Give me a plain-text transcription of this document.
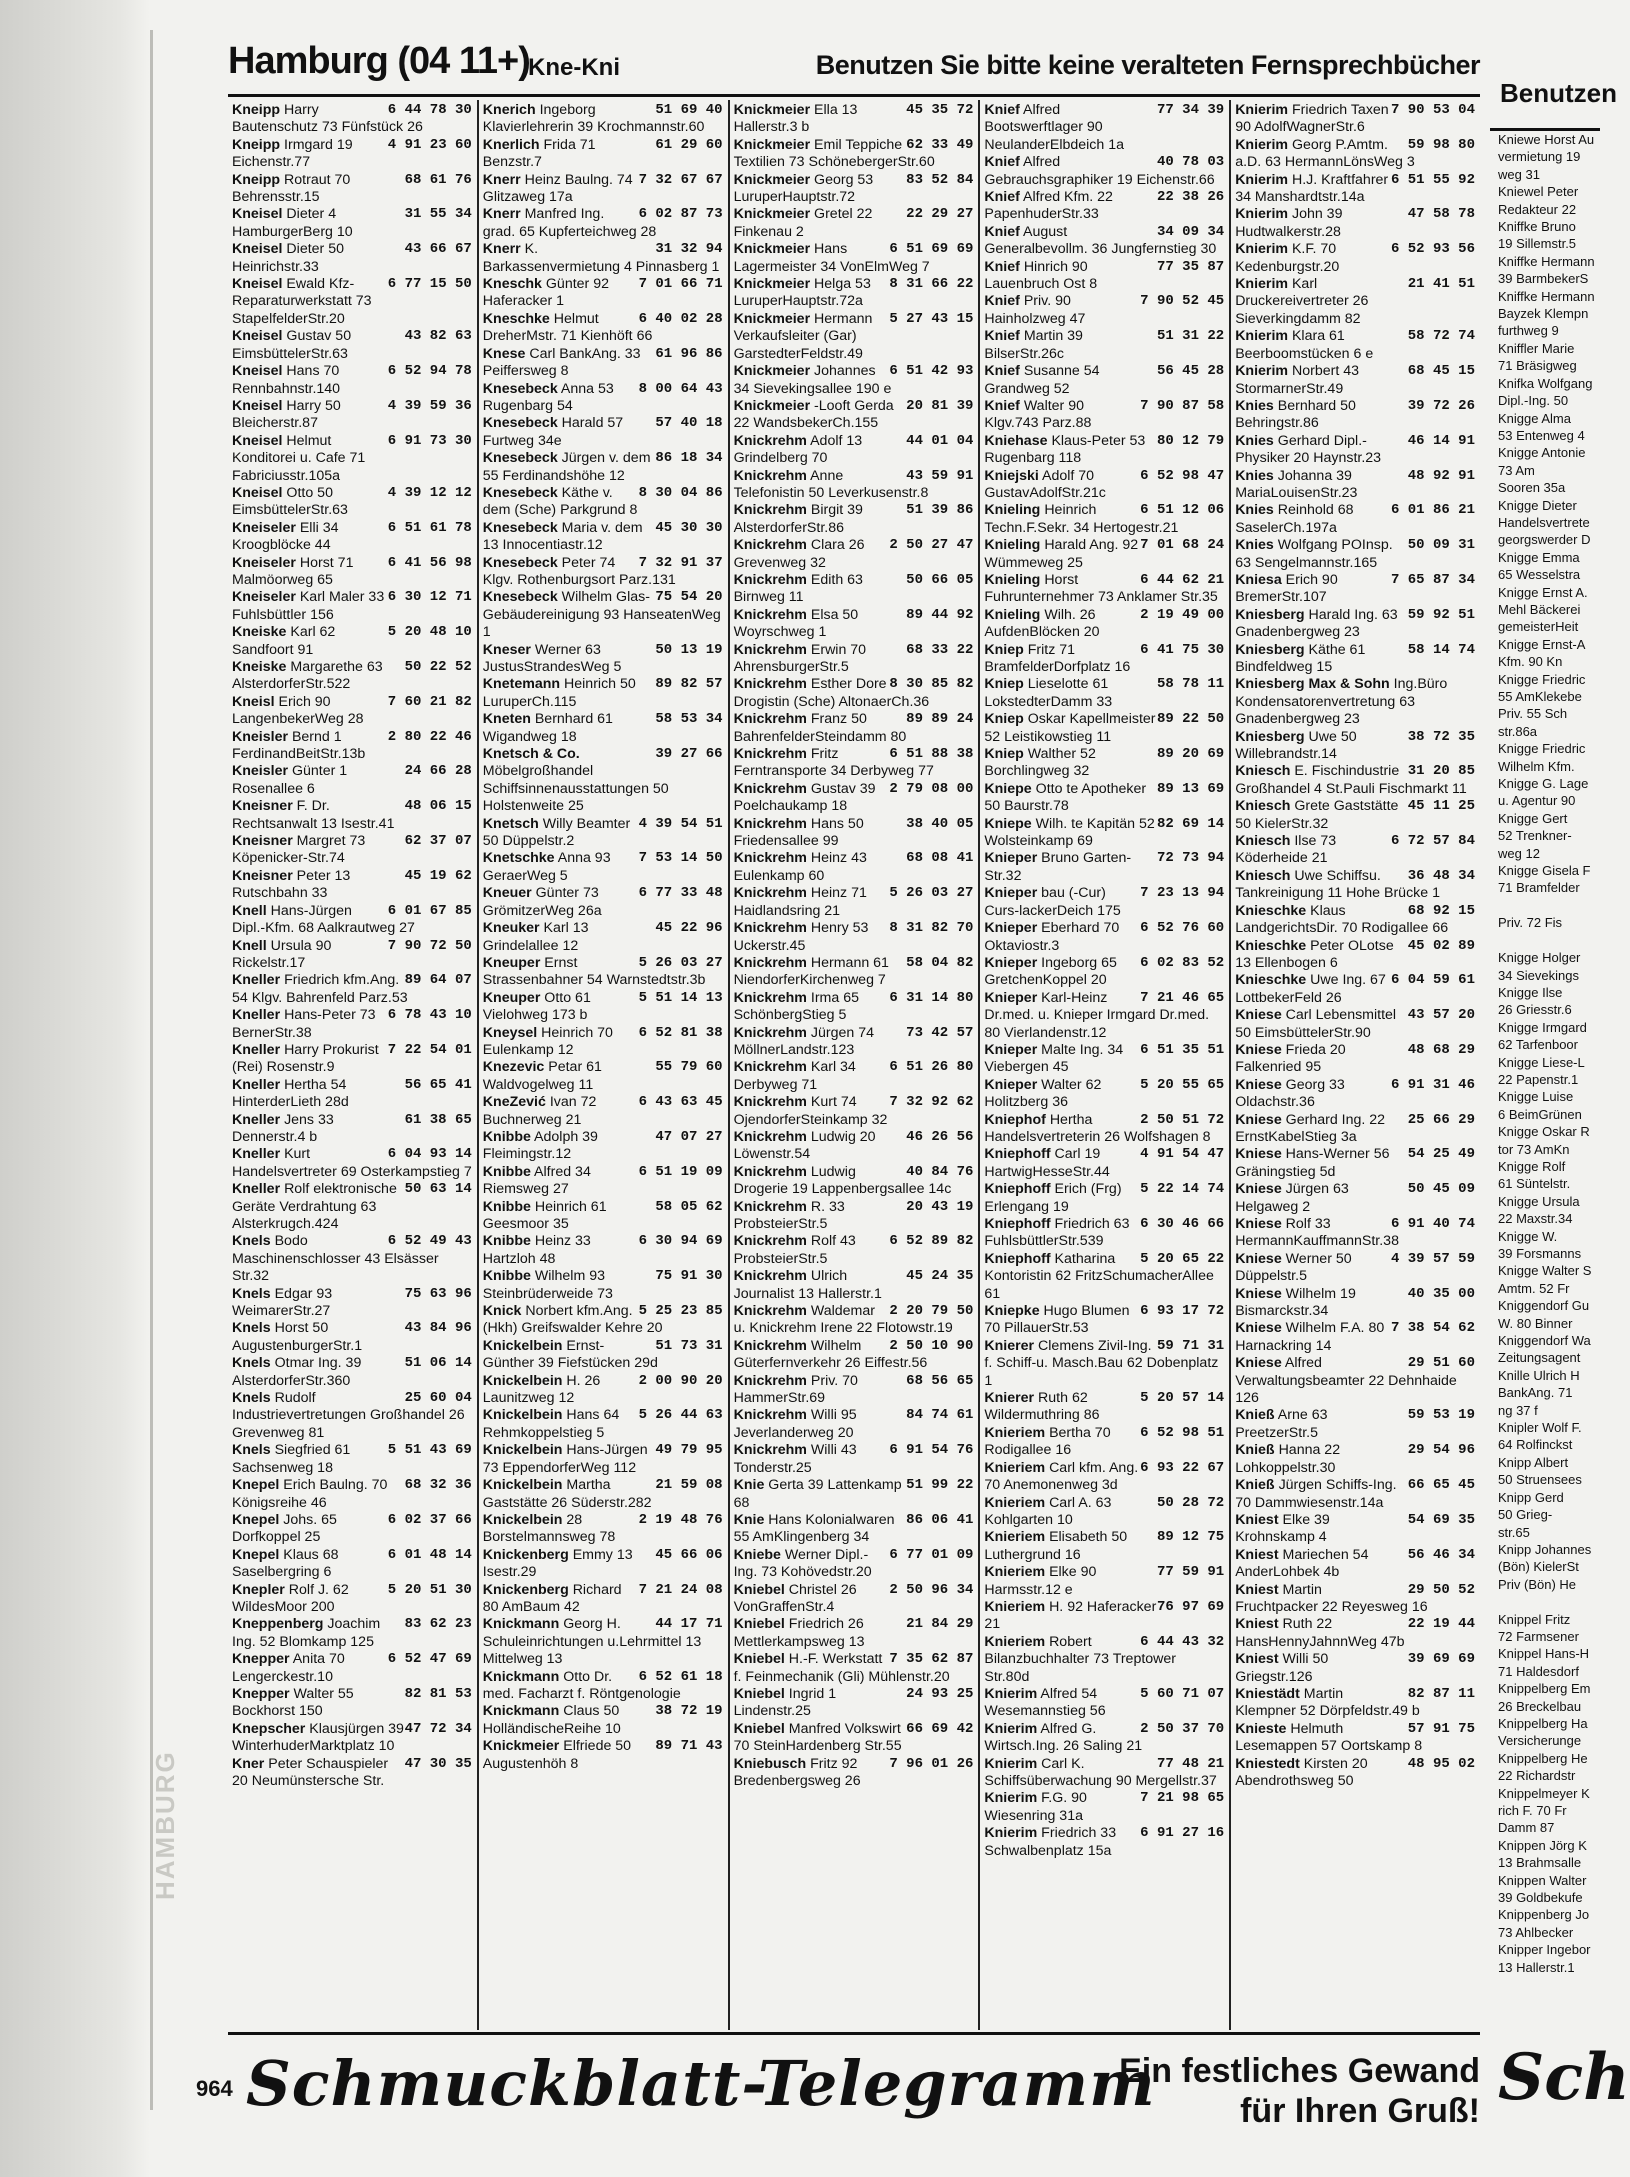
HAMBURG
Hamburg (04 11+)
Kne-Kni	Benutzen Sie bitte keine veralteten Fernsprechbücher

6 44 78 30
Kneipp Harry Bautenschutz 73 Fünfstück 26

4 91 23 60
Kneipp Irmgard 19 Eichenstr.77

68 61 76
Kneipp Rotraut 70 Behrensstr.15

31 55 34
Kneisel Dieter 4 HamburgerBerg 10

43 66 67
Kneisel Dieter 50 Heinrichstr.33

6 77 15 50
Kneisel Ewald Kfz-Reparaturwerkstatt 73 StapelfelderStr.20

43 82 63
Kneisel Gustav 50 EimsbüttelerStr.63

6 52 94 78
Kneisel Hans 70 Rennbahnstr.140

4 39 59 36
Kneisel Harry 50 Bleicherstr.87

6 91 73 30
Kneisel Helmut Konditorei u. Cafe 71 Fabriciusstr.105a

4 39 12 12
Kneisel Otto 50 EimsbüttelerStr.63

6 51 61 78
Kneiseler Elli 34 Kroogblöcke 44

6 41 56 98
Kneiseler Horst 71 Malmöorweg 65

6 30 12 71
Kneiseler Karl Maler 33 Fuhlsbüttler 156

5 20 48 10
Kneiske Karl 62 Sandfoort 91

50 22 52
Kneiske Margarethe 63 AlsterdorferStr.522

7 60 21 82
Kneisl Erich 90 LangenbekerWeg 28

2 80 22 46
Kneisler Bernd 1 FerdinandBeitStr.13b

24 66 28
Kneisler Günter 1 Rosenallee 6

48 06 15
Kneisner F. Dr. Rechtsanwalt 13 Isestr.41

62 37 07
Kneisner Margret 73 Köpenicker-Str.74

45 19 62
Kneisner Peter 13 Rutschbahn 33

6 01 67 85
Knell Hans-Jürgen Dipl.-Kfm. 68 Aalkrautweg 27

7 90 72 50
Knell Ursula 90 Rickelstr.17

89 64 07
Kneller Friedrich kfm.Ang. 54 Klgv. Bahrenfeld Parz.53

6 78 43 10
Kneller Hans-Peter 73 BernerStr.38

7 22 54 01
Kneller Harry Prokurist (Rei) Rosenstr.9

56 65 41
Kneller Hertha 54 HinterderLieth 28d

61 38 65
Kneller Jens 33 Dennerstr.4 b

6 04 93 14
Kneller Kurt Handelsvertreter 69 Osterkampstieg 7

50 63 14
Kneller Rolf elektronische Geräte Verdrahtung 63 Alsterkrugch.424

6 52 49 43
Knels Bodo Maschinenschlosser 43 Elsässer Str.32

75 63 96
Knels Edgar 93 WeimarerStr.27

43 84 96
Knels Horst 50 AugustenburgerStr.1

51 06 14
Knels Otmar Ing. 39 AlsterdorferStr.360

25 60 04
Knels Rudolf Industrievertretungen Großhandel 26 Grevenweg 81

5 51 43 69
Knels Siegfried 61 Sachsenweg 18

68 32 36
Knepel Erich Baulng. 70 Königsreihe 46

6 02 37 66
Knepel Johs. 65 Dorfkoppel 25

6 01 48 14
Knepel Klaus 68 Saselbergring 6

5 20 51 30
Knepler Rolf J. 62 WildesMoor 200

83 62 23
Kneppenberg Joachim Ing. 52 Blomkamp 125

6 52 47 69
Knepper Anita 70 Lengerckestr.10

82 81 53
Knepper Walter 55 Bockhorst 150

47 72 34
Knepscher Klausjürgen 39 WinterhuderMarktplatz 10

47 30 35
Kner Peter Schauspieler 20 Neumünstersche Str.

51 69 40
Knerich Ingeborg Klavierlehrerin 39 Krochmannstr.60

61 29 60
Knerlich Frida 71 Benzstr.7

7 32 67 67
Knerr Heinz Baulng. 74 Glitzaweg 17a

6 02 87 73
Knerr Manfred Ing. grad. 65 Kupferteichweg 28

31 32 94
Knerr K. Barkassenvermietung 4 Pinnasberg 1

7 01 66 71
Kneschk Günter 92 Haferacker 1

6 40 02 28
Kneschke Helmut DreherMstr. 71 Kienhöft 66

61 96 86
Knese Carl BankAng. 33 Peiffersweg 8

8 00 64 43
Knesebeck Anna 53 Rugenbarg 54

57 40 18
Knesebeck Harald 57 Furtweg 34e

86 18 34
Knesebeck Jürgen v. dem 55 Ferdinandshöhe 12

8 30 04 86
Knesebeck Käthe v. dem (Sche) Parkgrund 8

45 30 30
Knesebeck Maria v. dem 13 Innocentiastr.12

7 32 91 37
Knesebeck Peter 74 Klgv. Rothenburgsort Parz.131

75 54 20
Knesebeck Wilhelm Glas-Gebäudereinigung 93 HanseatenWeg 1

50 13 19
Kneser Werner 63 JustusStrandesWeg 5

89 82 57
Knetemann Heinrich 50 LuruperCh.115

58 53 34
Kneten Bernhard 61 Wigandweg 18

39 27 66
Knetsch & Co. Möbelgroßhandel Schiffsinnenausstattungen 50 Holstenweite 25

4 39 54 51
Knetsch Willy Beamter 50 Düppelstr.2

7 53 14 50
Knetschke Anna 93 GeraerWeg 5

6 77 33 48
Kneuer Günter 73 GrömitzerWeg 26a

45 22 96
Kneuker Karl 13 Grindelallee 12

5 26 03 27
Kneuper Ernst Strassenbahner 54 Warnstedtstr.3b

5 51 14 13
Kneuper Otto 61 Vielohweg 173 b

6 52 81 38
Kneysel Heinrich 70 Eulenkamp 12

55 79 60
Knezevic Petar 61 Waldvogelweg 11

6 43 63 45
KneZević Ivan 72 Buchnerweg 21

47 07 27
Knibbe Adolph 39 Fleimingstr.12

6 51 19 09
Knibbe Alfred 34 Riemsweg 27

58 05 62
Knibbe Heinrich 61 Geesmoor 35

6 30 94 69
Knibbe Heinz 33 Hartzloh 48

75 91 30
Knibbe Wilhelm 93 Steinbrüderweide 73

5 25 23 85
Knick Norbert kfm.Ang. (Hkh) Greifswalder Kehre 20

51 73 31
Knickelbein Ernst-Günther 39 Fiefstücken 29d

2 00 90 20
Knickelbein H. 26 Launitzweg 12

5 26 44 63
Knickelbein Hans 64 Rehmkoppelstieg 5

49 79 95
Knickelbein Hans-Jürgen 73 EppendorferWeg 112

21 59 08
Knickelbein Martha Gaststätte 26 Süderstr.282

2 19 48 76
Knickelbein 28 Borstelmannsweg 78

45 66 06
Knickenberg Emmy 13 Isestr.29

7 21 24 08
Knickenberg Richard 80 AmBaum 42

44 17 71
Knickmann Georg H. Schuleinrichtungen u.Lehrmittel 13 Mittelweg 13

6 52 61 18
Knickmann Otto Dr. med. Facharzt f. Röntgenologie

38 72 19
Knickmann Claus 50 HolländischeReihe 10

89 71 43
Knickmeier Elfriede 50 Augustenhöh 8

45 35 72
Knickmeier Ella 13 Hallerstr.3 b

62 33 49
Knickmeier Emil Teppiche Textilien 73 SchönebergerStr.60

83 52 84
Knickmeier Georg 53 LuruperHauptstr.72

22 29 27
Knickmeier Gretel 22 Finkenau 2

6 51 69 69
Knickmeier Hans Lagermeister 34 VonElmWeg 7

8 31 66 22
Knickmeier Helga 53 LuruperHauptstr.72a

5 27 43 15
Knickmeier Hermann Verkaufsleiter (Gar) GarstedterFeldstr.49

6 51 42 93
Knickmeier Johannes 34 Sievekingsallee 190 e

20 81 39
Knickmeier -Looft Gerda 22 WandsbekerCh.155

44 01 04
Knickrehm Adolf 13 Grindelberg 70

43 59 91
Knickrehm Anne Telefonistin 50 Leverkusenstr.8

51 39 86
Knickrehm Birgit 39 AlsterdorferStr.86

2 50 27 47
Knickrehm Clara 26 Grevenweg 32

50 66 05
Knickrehm Edith 63 Birnweg 11

89 44 92
Knickrehm Elsa 50 Woyrschweg 1

68 33 22
Knickrehm Erwin 70 AhrensburgerStr.5

8 30 85 82
Knickrehm Esther Dore Drogistin (Sche) AltonaerCh.36

89 89 24
Knickrehm Franz 50 BahrenfelderSteindamm 80

6 51 88 38
Knickrehm Fritz Ferntransporte 34 Derbyweg 77

2 79 08 00
Knickrehm Gustav 39 Poelchaukamp 18

38 40 05
Knickrehm Hans 50 Friedensallee 99

68 08 41
Knickrehm Heinz 43 Eulenkamp 60

5 26 03 27
Knickrehm Heinz 71 Haidlandsring 21

8 31 82 70
Knickrehm Henry 53 Uckerstr.45

58 04 82
Knickrehm Hermann 61 NiendorferKirchenweg 7

6 31 14 80
Knickrehm Irma 65 SchönbergStieg 5

73 42 57
Knickrehm Jürgen 74 MöllnerLandstr.123

6 51 26 80
Knickrehm Karl 34 Derbyweg 71

7 32 92 62
Knickrehm Kurt 74 OjendorferSteinkamp 32

46 26 56
Knickrehm Ludwig 20 Löwenstr.54

40 84 76
Knickrehm Ludwig Drogerie 19 Lappenbergsallee 14c

20 43 19
Knickrehm R. 33 ProbsteierStr.5

6 52 89 82
Knickrehm Rolf 43 ProbsteierStr.5

45 24 35
Knickrehm Ulrich Journalist 13 Hallerstr.1

2 20 79 50
Knickrehm Waldemar u. Knickrehm Irene 22 Flotowstr.19

2 50 10 90
Knickrehm Wilhelm Güterfernverkehr 26 Eiffestr.56

68 56 65
Knickrehm Priv. 70 HammerStr.69

84 74 61
Knickrehm Willi 95 Jeverlanderweg 20

6 91 54 76
Knickrehm Willi 43 Tonderstr.25

51 99 22
Knie Gerta 39 Lattenkamp 68

86 06 41
Knie Hans Kolonialwaren 55 AmKlingenberg 34

6 77 01 09
Kniebe Werner Dipl.-Ing. 73 Kohövedstr.20

2 50 96 34
Kniebel Christel 26 VonGraffenStr.4

21 84 29
Kniebel Friedrich 26 Mettlerkampsweg 13

7 35 62 87
Kniebel H.-F. Werkstatt f. Feinmechanik (Gli) Mühlenstr.20

24 93 25
Kniebel Ingrid 1 Lindenstr.25

66 69 42
Kniebel Manfred Volkswirt 70 SteinHardenberg Str.55

7 96 01 26
Kniebusch Fritz 92 Bredenbergsweg 26

77 34 39
Knief Alfred Bootswerftlager 90 NeulanderElbdeich 1a

40 78 03
Knief Alfred Gebrauchsgraphiker 19 Eichenstr.66

22 38 26
Knief Alfred Kfm. 22 PapenhuderStr.33

34 09 34
Knief August Generalbevollm. 36 Jungfernstieg 30

77 35 87
Knief Hinrich 90 Lauenbruch Ost 8

7 90 52 45
Knief Priv. 90 Hainholzweg 47

51 31 22
Knief Martin 39 BilserStr.26c

56 45 28
Knief Susanne 54 Grandweg 52

7 90 87 58
Knief Walter 90 Klgv.743 Parz.88

80 12 79
Kniehase Klaus-Peter 53 Rugenbarg 118

6 52 98 47
Kniejski Adolf 70 GustavAdolfStr.21c

6 51 12 06
Knieling Heinrich Techn.F.Sekr. 34 Hertogestr.21

7 01 68 24
Knieling Harald Ang. 92 Wümmeweg 25

6 44 62 21
Knieling Horst Fuhrunternehmer 73 Anklamer Str.35

2 19 49 00
Knieling Wilh. 26 AufdenBlöcken 20

6 41 75 30
Kniep Fritz 71 BramfelderDorfplatz 16

58 78 11
Kniep Lieselotte 61 LokstedterDamm 33

89 22 50
Kniep Oskar Kapellmeister 52 Leistikowstieg 11

89 20 69
Kniep Walther 52 Borchlingweg 32

89 13 69
Kniepe Otto te Apotheker 50 Baurstr.78

82 69 14
Kniepe Wilh. te Kapitän 52 Wolsteinkamp 69

72 73 94
Knieper Bruno Garten-Str.32

7 23 13 94
Knieper bau (-Cur) Curs-lackerDeich 175

6 52 76 60
Knieper Eberhard 70 Oktaviostr.3

6 02 83 52
Knieper Ingeborg 65 GretchenKoppel 20

7 21 46 65
Knieper Karl-Heinz Dr.med. u. Knieper Irmgard Dr.med. 80 Vierlandenstr.12

6 51 35 51
Knieper Malte Ing. 34 Viebergen 45

5 20 55 65
Knieper Walter 62 Holitzberg 36

2 50 51 72
Kniephof Hertha Handelsvertreterin 26 Wolfshagen 8

4 91 54 47
Kniephoff Carl 19 HartwigHesseStr.44

5 22 14 74
Kniephoff Erich (Frg) Erlengang 19

6 30 46 66
Kniephoff Friedrich 63 FuhlsbüttlerStr.539

5 20 65 22
Kniephoff Katharina Kontoristin 62 FritzSchumacherAllee 61

6 93 17 72
Kniepke Hugo Blumen 70 PillauerStr.53

59 71 31
Knierer Clemens Zivil-Ing. f. Schiff-u. Masch.Bau 62 Dobenplatz 1

5 20 57 14
Knierer Ruth 62 Wildermuthring 86

6 52 98 51
Knieriem Bertha 70 Rodigallee 16

6 93 22 67
Knieriem Carl kfm. Ang. 70 Anemonenweg 3d

50 28 72
Knieriem Carl A. 63 Kohlgarten 10

89 12 75
Knieriem Elisabeth 50 Luthergrund 16

77 59 91
Knieriem Elke 90 Harmsstr.12 e

76 97 69
Knieriem H. 92 Haferacker 21

6 44 43 32
Knieriem Robert Bilanzbuchhalter 73 Treptower Str.80d

5 60 71 07
Knierim Alfred 54 Wesemannstieg 56

2 50 37 70
Knierim Alfred G. Wirtsch.Ing. 26 Saling 21

77 48 21
Knierim Carl K. Schiffsüberwachung 90 Mergellstr.37

7 21 98 65
Knierim F.G. 90 Wiesenring 31a

6 91 27 16
Knierim Friedrich 33 Schwalbenplatz 15a

7 90 53 04
Knierim Friedrich Taxen 90 AdolfWagnerStr.6

59 98 80
Knierim Georg P.Amtm. a.D. 63 HermannLönsWeg 3

6 51 55 92
Knierim H.J. Kraftfahrer 34 Manshardtstr.14a

47 58 78
Knierim John 39 Hudtwalkerstr.28

6 52 93 56
Knierim K.F. 70 Kedenburgstr.20

21 41 51
Knierim Karl Druckereivertreter 26 Sieverkingdamm 82

58 72 74
Knierim Klara 61 Beerboomstücken 6 e

68 45 15
Knierim Norbert 43 StormarnerStr.49

39 72 26
Knies Bernhard 50 Behringstr.86

46 14 91
Knies Gerhard Dipl.-Physiker 20 Haynstr.23

48 92 91
Knies Johanna 39 MariaLouisenStr.23

6 01 86 21
Knies Reinhold 68 SaselerCh.197a

50 09 31
Knies Wolfgang POInsp. 63 Sengelmannstr.165

7 65 87 34
Kniesa Erich 90 BremerStr.107

59 92 51
Kniesberg Harald Ing. 63 Gnadenbergweg 23

58 14 74
Kniesberg Käthe 61 Bindfeldweg 15

Kniesberg Max & Sohn Ing.Büro Kondensatorenvertretung 63 Gnadenbergweg 23

38 72 35
Kniesberg Uwe 50 Willebrandstr.14

31 20 85
Kniesch E. Fischindustrie Großhandel 4 St.Pauli Fischmarkt 11

45 11 25
Kniesch Grete Gaststätte 50 KielerStr.32

6 72 57 84
Kniesch Ilse 73 Köderheide 21

36 48 34
Kniesch Uwe Schiffsu. Tankreinigung 11 Hohe Brücke 1

68 92 15
Knieschke Klaus LandgerichtsDir. 70 Rodigallee 66

45 02 89
Knieschke Peter OLotse 13 Ellenbogen 6

6 04 59 61
Knieschke Uwe Ing. 67 LottbekerFeld 26

43 57 20
Kniese Carl Lebensmittel 50 EimsbüttelerStr.90

48 68 29
Kniese Frieda 20 Falkenried 95

6 91 31 46
Kniese Georg 33 Oldachstr.36

25 66 29
Kniese Gerhard Ing. 22 ErnstKabelStieg 3a

54 25 49
Kniese Hans-Werner 56 Gräningstieg 5d

50 45 09
Kniese Jürgen 63 Helgaweg 2

6 91 40 74
Kniese Rolf 33 HermannKauffmannStr.38

4 39 57 59
Kniese Werner 50 Düppelstr.5

40 35 00
Kniese Wilhelm 19 Bismarckstr.34

7 38 54 62
Kniese Wilhelm F.A. 80 Harnackring 14

29 51 60
Kniese Alfred Verwaltungsbeamter 22 Dehnhaide 126

59 53 19
Knieß Arne 63 PreetzerStr.5

29 54 96
Knieß Hanna 22 Lohkoppelstr.30

66 65 45
Knieß Jürgen Schiffs-Ing. 70 Dammwiesenstr.14a

54 69 35
Kniest Elke 39 Krohnskamp 4

56 46 34
Kniest Mariechen 54 AnderLohbek 4b

29 50 52
Kniest Martin Fruchtpacker 22 Reyesweg 16

22 19 44
Kniest Ruth 22 HansHennyJahnnWeg 47b

39 69 69
Kniest Willi 50 Griegstr.126

82 87 11
Kniestädt Martin Klempner 52 Dörpfeldstr.49 b

57 91 75
Knieste Helmuth Lesemappen 57 Oortskamp 8

48 95 02
Kniestedt Kirsten 20 Abendrothsweg 50

Schmuckblatt-Telegramm
Ein festliches Gewand
für Ihren Gruß!
964
Benutzen
Kniewe Horst Au
vermietung 19
weg 31
Kniewel Peter
Redakteur 22
Kniffke Bruno
19 Sillemstr.5
Kniffke Hermann
39 BarmbekerS
Kniffke Hermann
Bayzek Klempn
furthweg 9
Kniffler Marie
71 Bräsigweg
Knifka Wolfgang
Dipl.-Ing. 50
Knigge Alma
53 Entenweg 4
Knigge Antonie
73 Am
Sooren 35a
Knigge Dieter
Handelsvertrete
georgswerder D
Knigge Emma
65 Wesselstra
Knigge Ernst A.
Mehl Bäckerei
gemeisterHeit
Knigge Ernst-A
Kfm. 90 Kn
Knigge Friedric
55 AmKlekebe
Priv. 55 Sch
str.86a
Knigge Friedric
Wilhelm Kfm.
Knigge G. Lage
u. Agentur 90
Knigge Gert
52 Trenkner-
weg 12
Knigge Gisela F
71 Bramfelder

Priv. 72 Fis

Knigge Holger
34 Sievekings
Knigge Ilse
26 Griesstr.6
Knigge Irmgard
62 Tarfenboor
Knigge Liese-L
22 Papenstr.1
Knigge Luise
6 BeimGrünen
Knigge Oskar R
tor 73 AmKn
Knigge Rolf
61 Süntelstr.
Knigge Ursula
22 Maxstr.34
Knigge W.
39 Forsmanns
Knigge Walter S
Amtm. 52 Fr
Kniggendorf Gu
W. 80 Binner
Kniggendorf Wa
Zeitungsagent
Knille Ulrich H
BankAng. 71
ng 37 f
Knipler Wolf F.
64 Rolfinckst
Knipp Albert
50 Struensees
Knipp Gerd
50 Grieg-
str.65
Knipp Johannes
(Bön) KielerSt
Priv (Bön) He

Knippel Fritz
72 Farmsener
Knippel Hans-H
71 Haldesdorf
Knippelberg Em
26 Breckelbau
Knippelberg Ha
Versicherunge
Knippelberg He
22 Richardstr
Knippelmeyer K
rich F. 70 Fr
Damm 87
Knippen Jörg K
13 Brahmsalle
Knippen Walter
39 Goldbekufe
Knippenberg Jo
73 Ahlbecker
Knipper Ingebor
13 Hallerstr.1
Sch
